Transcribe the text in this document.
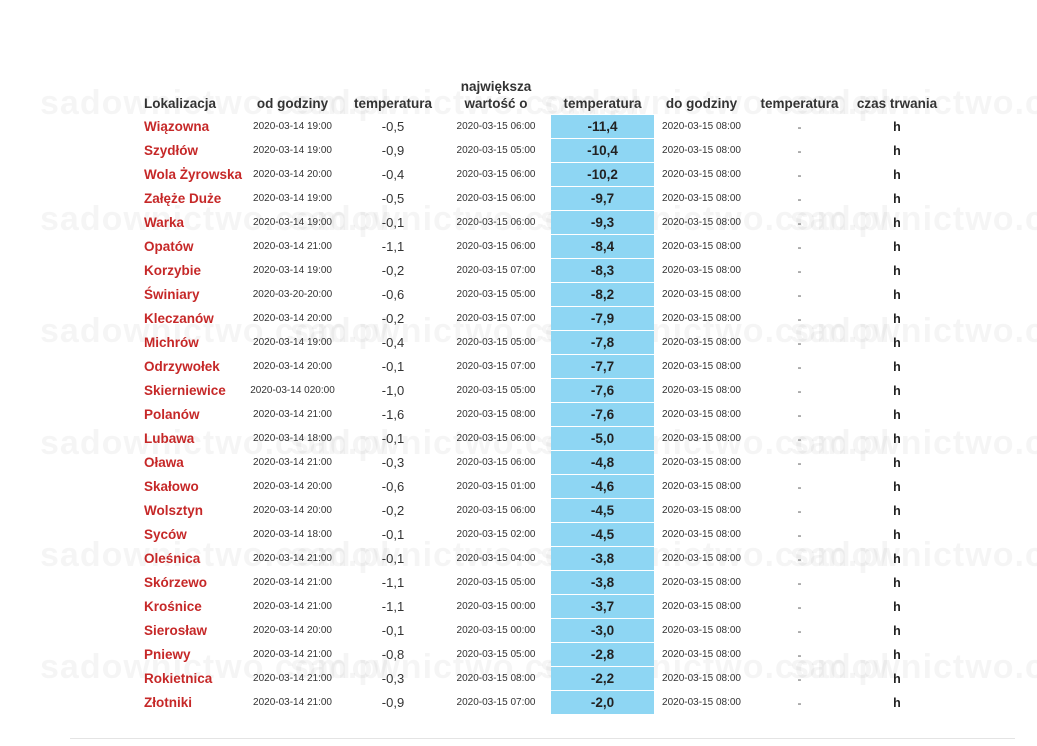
Lokalizacja	od godziny	temperatura	największa
wartość o	temperatura	do godziny	temperatura	czas trwania
Wiązowna	2020-03-14 19:00	-0,5	2020-03-15 06:00	-11,4	2020-03-15 08:00	-	h
Szydłów	2020-03-14 19:00	-0,9	2020-03-15 05:00	-10,4	2020-03-15 08:00	-	h
Wola Żyrowska	2020-03-14 20:00	-0,4	2020-03-15 06:00	-10,2	2020-03-15 08:00	-	h
Załęże Duże	2020-03-14 19:00	-0,5	2020-03-15 06:00	-9,7	2020-03-15 08:00	-	h
Warka	2020-03-14 19:00	-0,1	2020-03-15 06:00	-9,3	2020-03-15 08:00	-	h
Opatów	2020-03-14 21:00	-1,1	2020-03-15 06:00	-8,4	2020-03-15 08:00	-	h
Korzybie	2020-03-14 19:00	-0,2	2020-03-15 07:00	-8,3	2020-03-15 08:00	-	h
Świniary	2020-03-20-20:00	-0,6	2020-03-15 05:00	-8,2	2020-03-15 08:00	-	h
Kleczanów	2020-03-14 20:00	-0,2	2020-03-15 07:00	-7,9	2020-03-15 08:00	-	h
Michrów	2020-03-14 19:00	-0,4	2020-03-15 05:00	-7,8	2020-03-15 08:00	-	h
Odrzywołek	2020-03-14 20:00	-0,1	2020-03-15 07:00	-7,7	2020-03-15 08:00	-	h
Skierniewice	2020-03-14 020:00	-1,0	2020-03-15 05:00	-7,6	2020-03-15 08:00	-	h
Polanów	2020-03-14 21:00	-1,6	2020-03-15 08:00	-7,6	2020-03-15 08:00	-	h
Lubawa	2020-03-14 18:00	-0,1	2020-03-15 06:00	-5,0	2020-03-15 08:00	-	h
Oława	2020-03-14 21:00	-0,3	2020-03-15 06:00	-4,8	2020-03-15 08:00	-	h
Skałowo	2020-03-14 20:00	-0,6	2020-03-15 01:00	-4,6	2020-03-15 08:00	-	h
Wolsztyn	2020-03-14 20:00	-0,2	2020-03-15 06:00	-4,5	2020-03-15 08:00	-	h
Syców	2020-03-14 18:00	-0,1	2020-03-15 02:00	-4,5	2020-03-15 08:00	-	h
Oleśnica	2020-03-14 21:00	-0,1	2020-03-15 04:00	-3,8	2020-03-15 08:00	-	h
Skórzewo	2020-03-14 21:00	-1,1	2020-03-15 05:00	-3,8	2020-03-15 08:00	-	h
Krośnice	2020-03-14 21:00	-1,1	2020-03-15 00:00	-3,7	2020-03-15 08:00	-	h
Sierosław	2020-03-14 20:00	-0,1	2020-03-15 00:00	-3,0	2020-03-15 08:00	-	h
Pniewy	2020-03-14 21:00	-0,8	2020-03-15 05:00	-2,8	2020-03-15 08:00	-	h
Rokietnica	2020-03-14 21:00	-0,3	2020-03-15 08:00	-2,2	2020-03-15 08:00	-	h
Złotniki	2020-03-14 21:00	-0,9	2020-03-15 07:00	-2,0	2020-03-15 08:00	-	h
